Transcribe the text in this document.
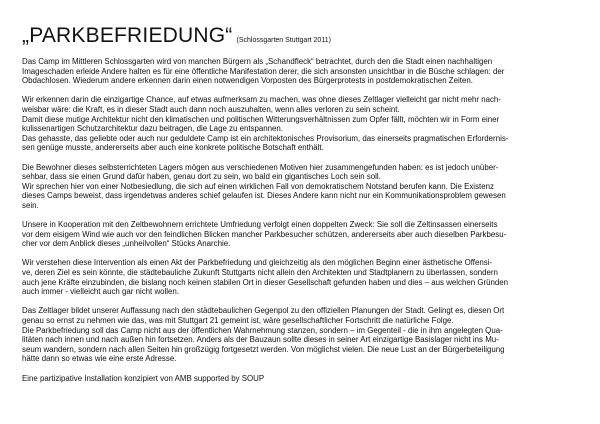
„PARKBEFRIEDUNG“ (Schlossgarten Stuttgart 2011)

Das Camp im Mittleren Schlossgarten wird von manchen Bürgern als „Schandfleck“ betrachtet, durch den die Stadt einen nachhaltigen
Imageschaden erleide Andere halten es für eine öffentliche Manifestation derer, die sich ansonsten unsichtbar in die Büsche schlagen: der
Obdachlosen. Wiederum andere erkennen darin einen notwendigen Vorposten des Bürgerprotests in postdemokratischen Zeiten.

Wir erkennen darin die einzigartige Chance, auf etwas aufmerksam zu machen, was ohne dieses Zeltlager vielleicht gar nicht mehr nach-
weisbar wäre: die Kraft, es in dieser Stadt auch dann noch auszuhalten, wenn alles verloren zu sein scheint.
Damit diese mutige Architektur nicht den klimatischen und politischen Witterungsverhältnissen zum Opfer fällt, möchten wir in Form einer
kulissenartigen Schutzarchitektur dazu beitragen, die Lage zu entspannen.
Das gehasste, das geliebte oder auch nur geduldete Camp ist ein architektonisches Provisorium, das einerseits pragmatischen Erfordernis-
sen genüge musste, andererseits aber auch eine konkrete politische Botschaft enthält.

Die Bewohner dieses selbsterrichteten Lagers mögen aus verschiedenen Motiven hier zusammengefunden haben: es ist jedoch unüber-
sehbar, dass sie einen Grund dafür haben, genau dort zu sein, wo bald ein gigantisches Loch sein soll.
Wir sprechen hier von einer Notbesiedlung, die sich auf einen wirklichen Fall von demokratischem Notstand berufen kann. Die Existenz
dieses Camps beweist, dass irgendetwas anderes schief gelaufen ist. Dieses Andere kann nicht nur ein Kommunikationsproblem gewesen
sein.

Unsere in Kooperation mit den Zeltbewohnern errichtete Umfriedung verfolgt einen doppelten Zweck: Sie soll die Zeltinsassen einerseits
vor dem eisigem Wind wie auch vor den feindlichen Blicken mancher Parkbesucher schützen, andererseits aber auch dieselben Parkbesu-
cher vor dem Anblick dieses „unheilvollen“ Stücks Anarchie.

Wir verstehen diese Intervention als einen Akt der Parkbefriedung und gleichzeitig als den möglichen Beginn einer ästhetische Offensi-
ve, deren Ziel es sein könnte, die städtebauliche Zukunft Stuttgarts nicht allein den Architekten und Stadtplanern zu überlassen, sondern
auch jene Kräfte einzubinden, die bislang noch keinen stabilen Ort in dieser Gesellschaft gefunden haben und dies – aus welchen Gründen
auch immer - vielleicht auch gar nicht wollen.

Das Zeltlager bildet unserer Auffassung nach den städtebaulichen Gegenpol zu den offiziellen Planungen der Stadt. Gelingt es, diesen Ort
genau so ernst zu nehmen wie das, was mit Stuttgart 21 gemeint ist, wäre gesellschaftlicher Fortschritt die natürliche Folge.
Die Parkbefriedung soll das Camp nicht aus der öffentlichen Wahrnehmung stanzen, sondern – im Gegenteil - die in ihm angelegten Qua-
litäten nach innen und nach außen hin fortsetzen. Anders als der Bauzaun sollte dieses in seiner Art einzigartige Basislager nicht ins Mu-
seum wandern, sondern nach allen Seiten hin großzügig fortgesetzt werden. Von möglichst vielen. Die neue Lust an der Bürgerbeteiligung
hätte dann so etwas wie eine erste Adresse.

Eine partizipative Installation konzipiert von AMB supported by SOUP
